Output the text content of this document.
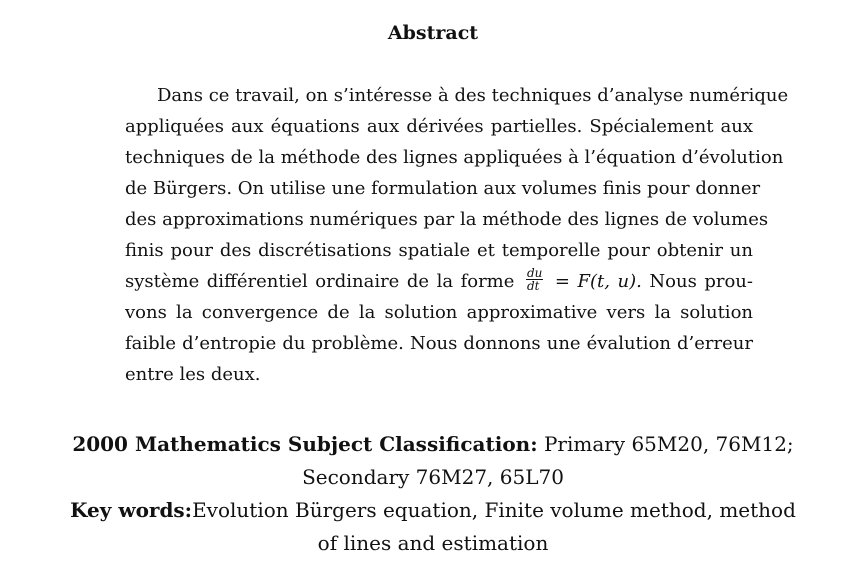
Abstract
Dans ce travail, on s’intéresse à des techniques d’analyse numérique
appliquées aux équations aux dérivées partielles. Spécialement aux
techniques de la méthode des lignes appliquées à l’équation d’évolution
de Bürgers. On utilise une formulation aux volumes finis pour donner
des approximations numériques par la méthode des lignes de volumes
finis pour des discrétisations spatiale et temporelle pour obtenir un
système différentiel ordinaire de la forme $\frac{du}{dt} = F(t$, u). Nous prou-
vons la convergence de la solution approximative vers la solution
faible d’entropie du problème. Nous donnons une évalution d’erreur
entre les deux.
2000 Mathematics Subject Classification: Primary 65M20, 76M12;
Secondary 76M27, 65L70
Key words:Evolution Bürgers equation, Finite volume method, method
of lines and estimation
